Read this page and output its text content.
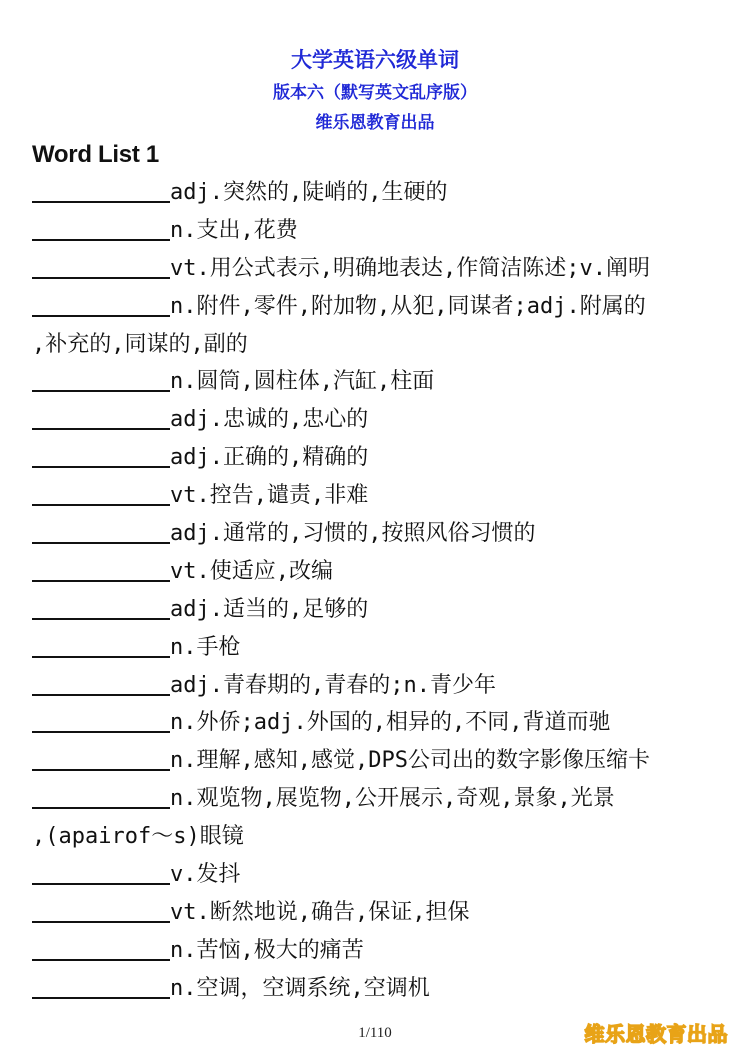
大学英语六级单词
版本六（默写英文乱序版）
维乐恩教育出品
Word List 1
adj.突然的,陡峭的,生硬的
n.支出,花费
vt.用公式表示,明确地表达,作简洁陈述;v.阐明
n.附件,零件,附加物,从犯,同谋者;adj.附属的
,补充的,同谋的,副的
n.圆筒,圆柱体,汽缸,柱面
adj.忠诚的,忠心的
adj.正确的,精确的
vt.控告,谴责,非难
adj.通常的,习惯的,按照风俗习惯的
vt.使适应,改编
adj.适当的,足够的
n.手枪
adj.青春期的,青春的;n.青少年
n.外侨;adj.外国的,相异的,不同,背道而驰
n.理解,感知,感觉,DPS公司出的数字影像压缩卡
n.观览物,展览物,公开展示,奇观,景象,光景
,(apairof～s)眼镜
v.发抖
vt.断然地说,确告,保证,担保
n.苦恼,极大的痛苦
n.空调，空调系统,空调机
1/110	维乐恩教育出品
